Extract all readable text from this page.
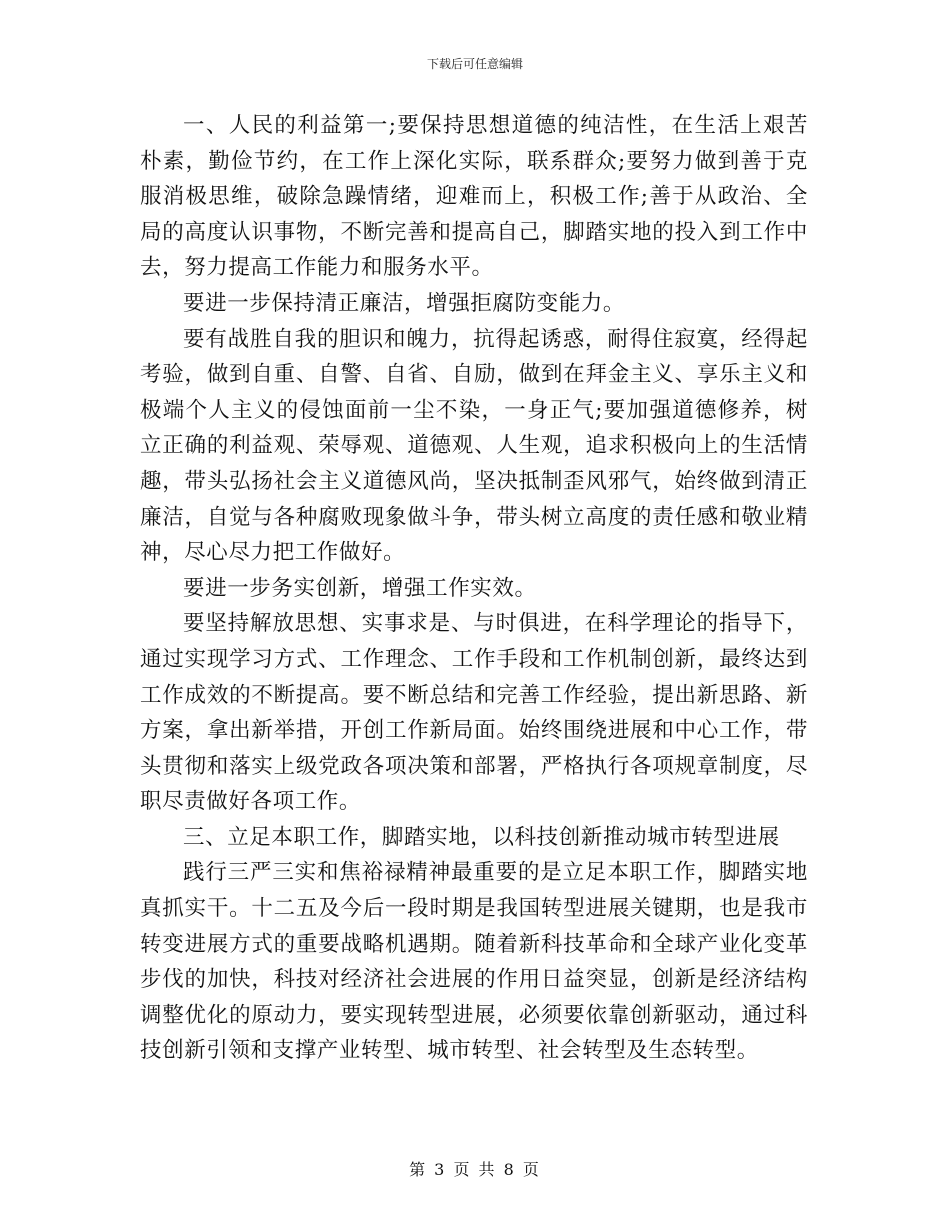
下载后可任意编辑

一、人民的利益第一;要保持思想道德的纯洁性，在生活上艰苦朴素，勤俭节约，在工作上深化实际，联系群众;要努力做到善于克服消极思维，破除急躁情绪，迎难而上，积极工作;善于从政治、全局的高度认识事物，不断完善和提高自己，脚踏实地的投入到工作中去，努力提高工作能力和服务水平。

要进一步保持清正廉洁，增强拒腐防变能力。

要有战胜自我的胆识和魄力，抗得起诱惑，耐得住寂寞，经得起考验，做到自重、自警、自省、自励，做到在拜金主义、享乐主义和极端个人主义的侵蚀面前一尘不染，一身正气;要加强道德修养，树立正确的利益观、荣辱观、道德观、人生观，追求积极向上的生活情趣，带头弘扬社会主义道德风尚，坚决抵制歪风邪气，始终做到清正廉洁，自觉与各种腐败现象做斗争，带头树立高度的责任感和敬业精神，尽心尽力把工作做好。

要进一步务实创新，增强工作实效。

要坚持解放思想、实事求是、与时俱进，在科学理论的指导下，通过实现学习方式、工作理念、工作手段和工作机制创新，最终达到工作成效的不断提高。要不断总结和完善工作经验，提出新思路、新方案，拿出新举措，开创工作新局面。始终围绕进展和中心工作，带头贯彻和落实上级党政各项决策和部署，严格执行各项规章制度，尽职尽责做好各项工作。

三、立足本职工作，脚踏实地，以科技创新推动城市转型进展

践行三严三实和焦裕禄精神最重要的是立足本职工作，脚踏实地真抓实干。十二五及今后一段时期是我国转型进展关键期，也是我市转变进展方式的重要战略机遇期。随着新科技革命和全球产业化变革步伐的加快，科技对经济社会进展的作用日益突显，创新是经济结构调整优化的原动力，要实现转型进展，必须要依靠创新驱动，通过科技创新引领和支撑产业转型、城市转型、社会转型及生态转型。

第 3 页 共 8 页
